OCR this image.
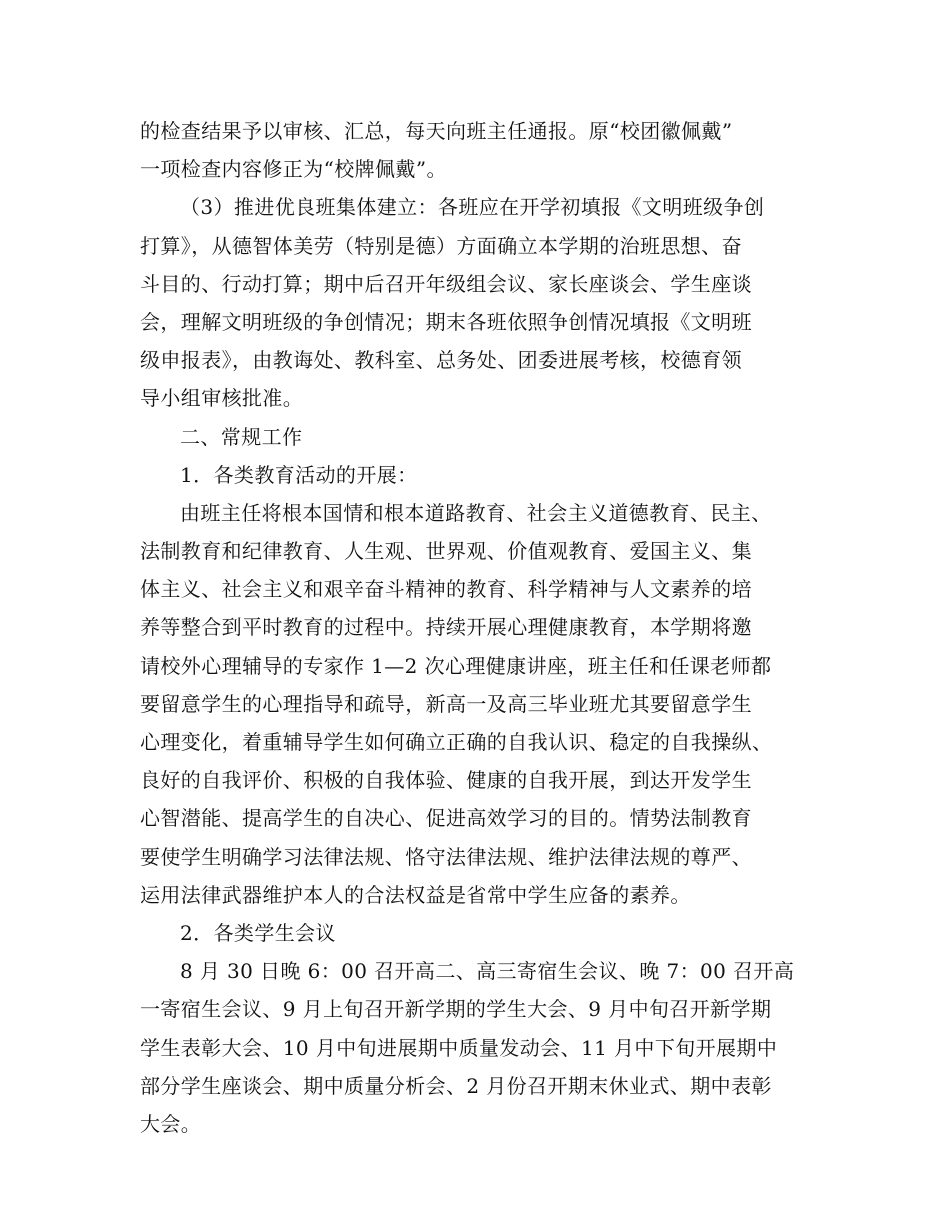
的检查结果予以审核、汇总，每天向班主任通报。原“校团徽佩戴”
一项检查内容修正为“校牌佩戴”。
（3）推进优良班集体建立：各班应在开学初填报《文明班级争创
打算》，从德智体美劳（特别是德）方面确立本学期的治班思想、奋
斗目的、行动打算；期中后召开年级组会议、家长座谈会、学生座谈
会，理解文明班级的争创情况；期末各班依照争创情况填报《文明班
级申报表》，由教诲处、教科室、总务处、团委进展考核，校德育领
导小组审核批准。
二、常规工作
1．各类教育活动的开展：
由班主任将根本国情和根本道路教育、社会主义道德教育、民主、
法制教育和纪律教育、人生观、世界观、价值观教育、爱国主义、集
体主义、社会主义和艰辛奋斗精神的教育、科学精神与人文素养的培
养等整合到平时教育的过程中。持续开展心理健康教育，本学期将邀
请校外心理辅导的专家作 1—2 次心理健康讲座，班主任和任课老师都
要留意学生的心理指导和疏导，新高一及高三毕业班尤其要留意学生
心理变化，着重辅导学生如何确立正确的自我认识、稳定的自我操纵、
良好的自我评价、积极的自我体验、健康的自我开展，到达开发学生
心智潜能、提高学生的自决心、促进高效学习的目的。情势法制教育
要使学生明确学习法律法规、恪守法律法规、维护法律法规的尊严、
运用法律武器维护本人的合法权益是省常中学生应备的素养。
2．各类学生会议
8 月 30 日晚 6：00 召开高二、高三寄宿生会议、晚 7：00 召开高
一寄宿生会议、9 月上旬召开新学期的学生大会、9 月中旬召开新学期
学生表彰大会、10 月中旬进展期中质量发动会、11 月中下旬开展期中
部分学生座谈会、期中质量分析会、2 月份召开期末休业式、期中表彰
大会。
